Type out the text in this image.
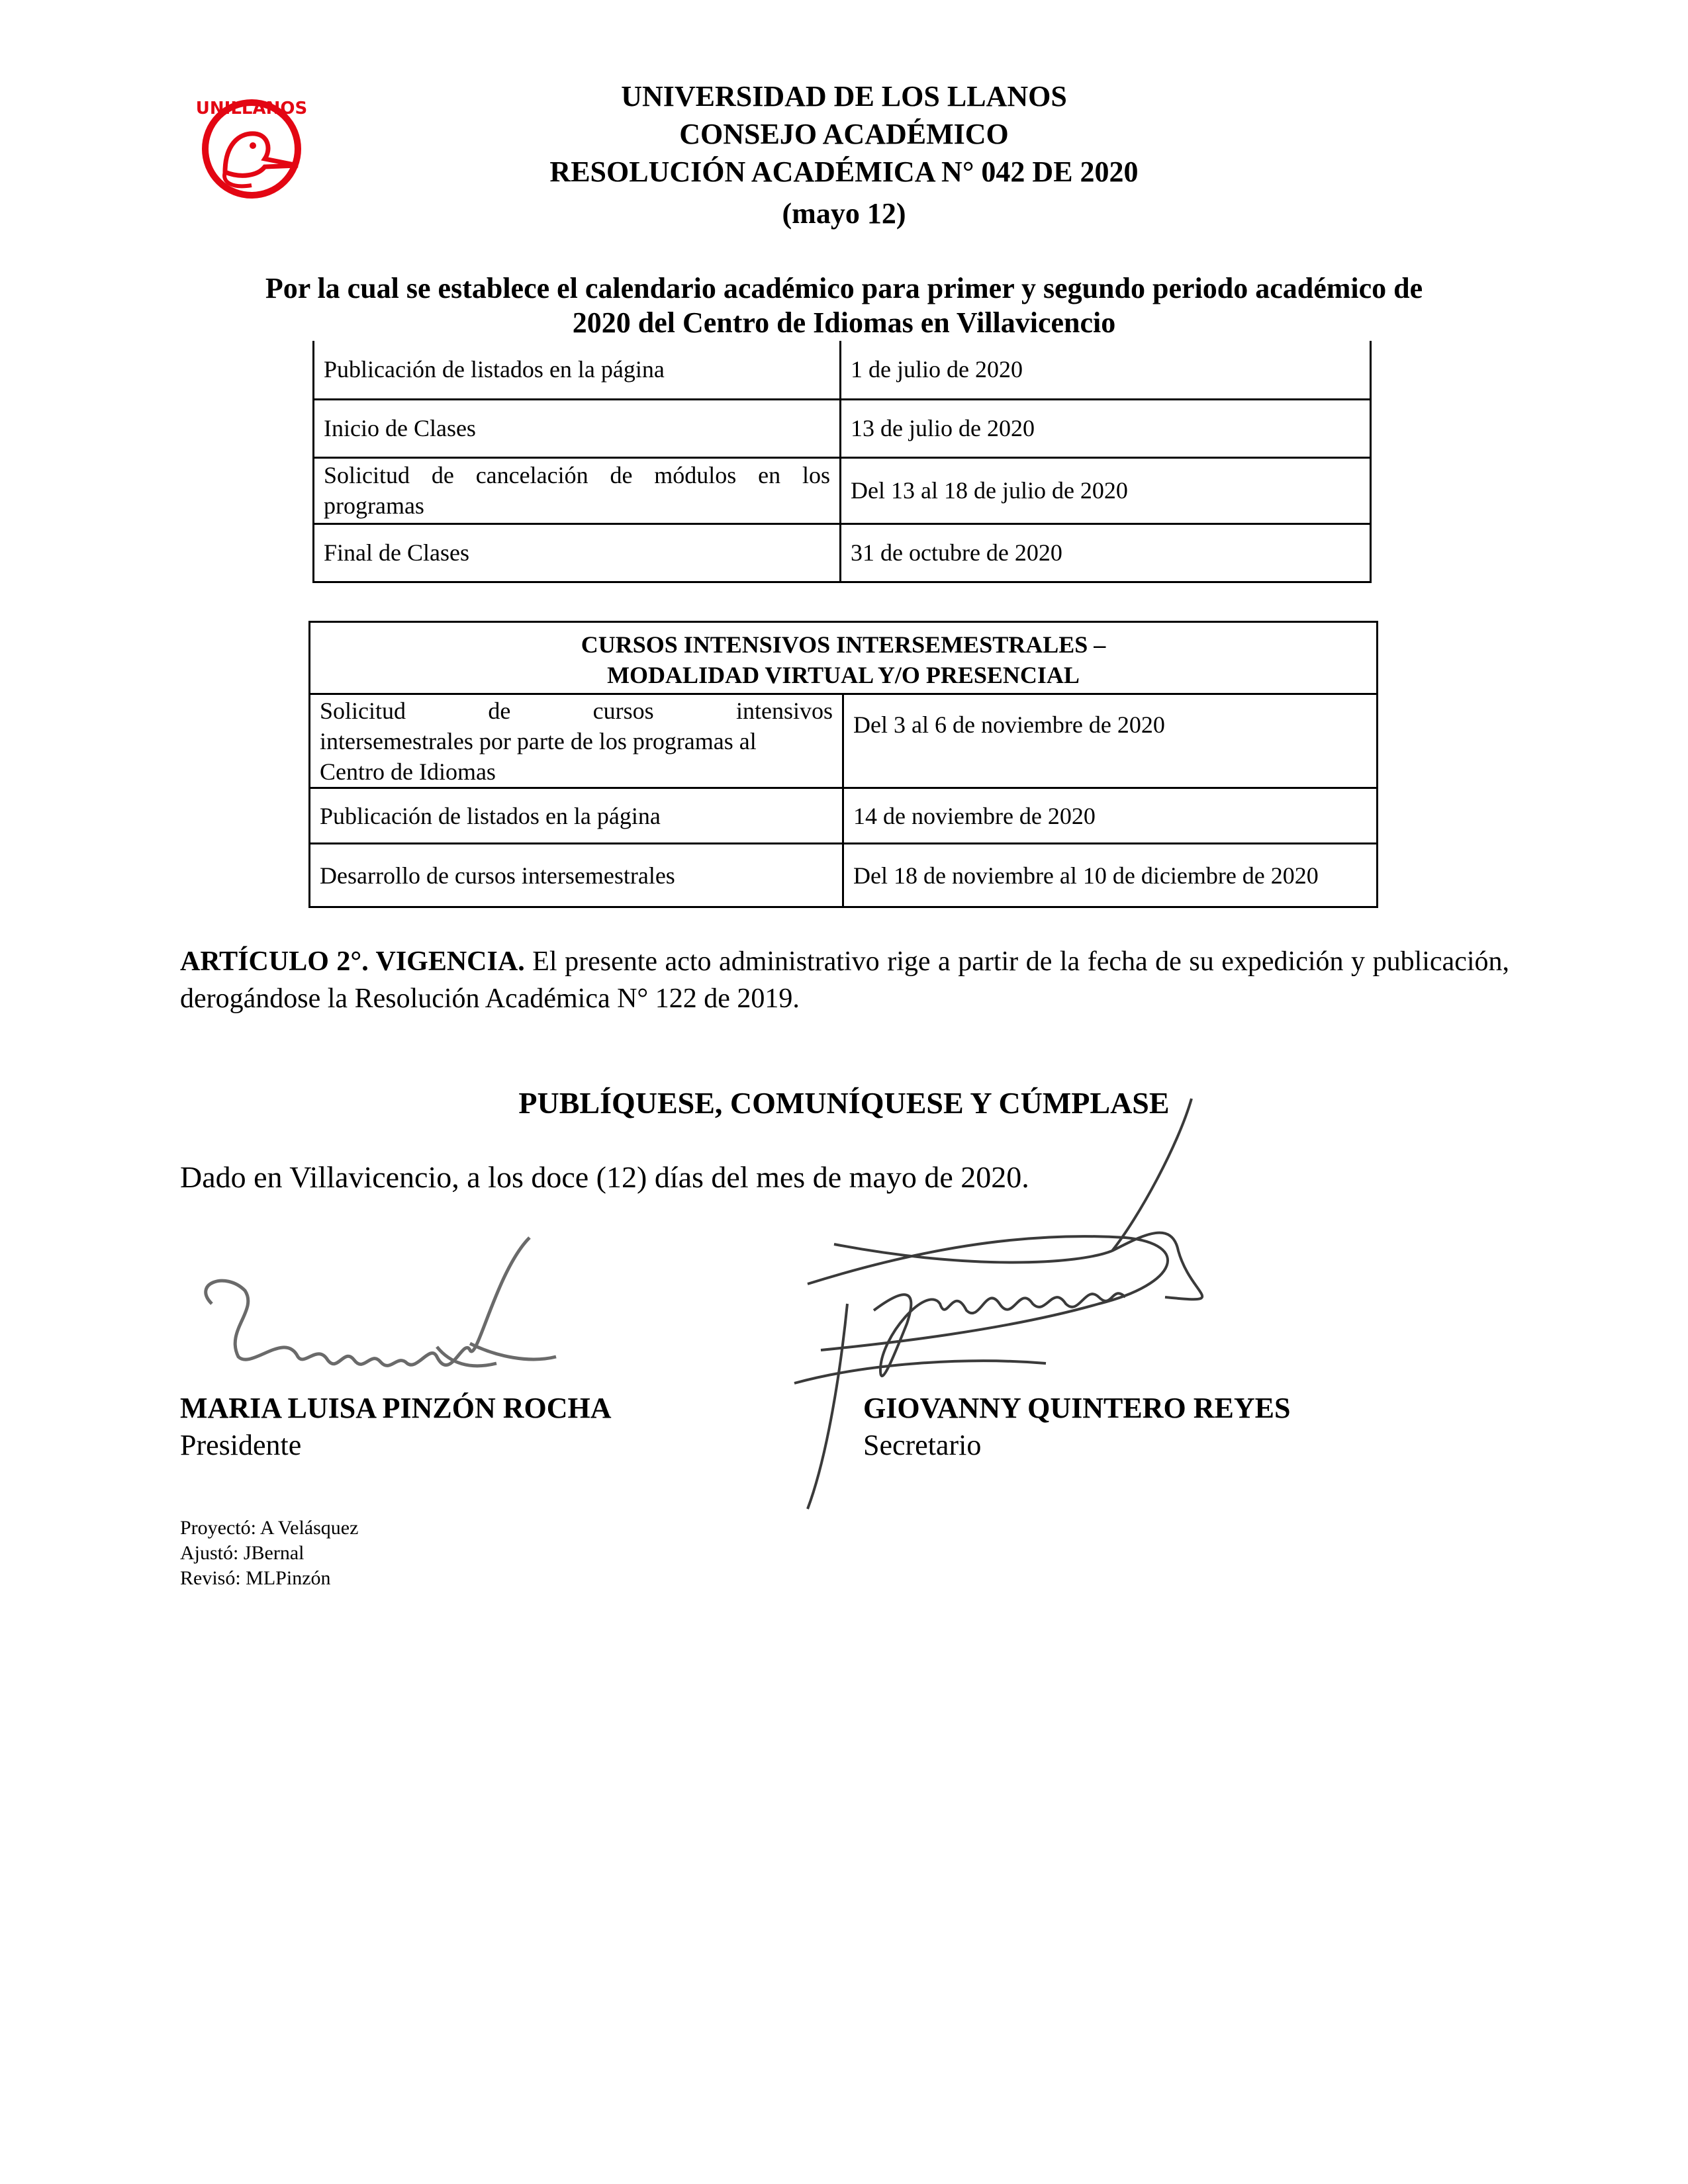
UNILLANOS	UNIVERSIDAD DE LOS LLANOS
CONSEJO ACADÉMICO
RESOLUCIÓN ACADÉMICA N° 042 DE 2020
(mayo 12)
Por la cual se establece el calendario académico para primer y segundo periodo académico de
2020 del Centro de Idiomas en Villavicencio
Publicación de listados en la página	1 de julio de 2020
Inicio de Clases	13 de julio de 2020
Solicitud de cancelación de módulos en los programas	Del 13 al 18 de julio de 2020
Final de Clases	31 de octubre de 2020
CURSOS INTENSIVOS INTERSEMESTRALES –
MODALIDAD VIRTUAL Y/O PRESENCIAL	

Solicitud de cursos intensivos
intersemestrales por parte de los programas al
Centro de Idiomas	Del 3 al 6 de noviembre de 2020
Publicación de listados en la página	14 de noviembre de 2020
Desarrollo de cursos intersemestrales	Del 18 de noviembre al 10 de diciembre de 2020
ARTÍCULO 2°. VIGENCIA. El presente acto administrativo rige a partir de la fecha de su expedición y publicación, derogándose la Resolución Académica N° 122 de 2019.
PUBLÍQUESE, COMUNÍQUESE Y CÚMPLASE
Dado en Villavicencio, a los doce (12) días del mes de mayo de 2020.
MARIA LUISA PINZÓN ROCHA
Presidente
GIOVANNY QUINTERO REYES
Secretario
Proyectó: A Velásquez
Ajustó: JBernal
Revisó: MLPinzón
